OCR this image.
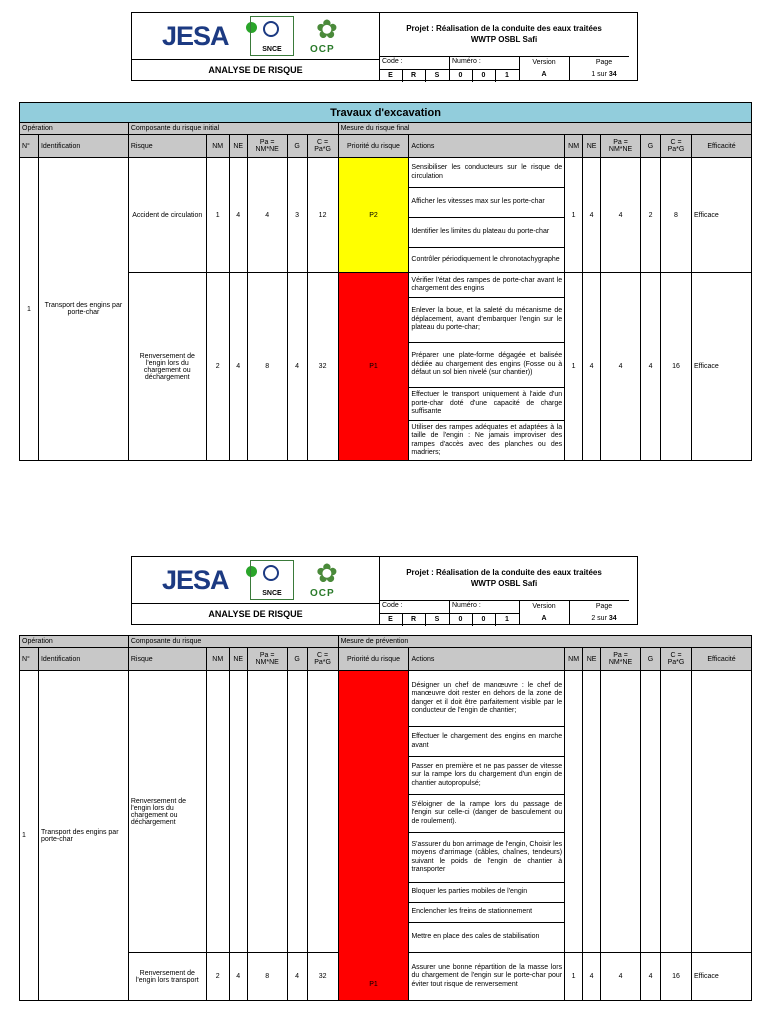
JESA	SNCE
✿
OCP
Projet : Réalisation de la conduite des eaux traitées
WWTP OSBL Safi
ANALYSE DE RISQUE
Code :
E	R	S
Numéro :
0	0	1
Version
A
Page
1 sur 34
Travaux d'excavation															
Opération		Composante du risque initial						Mesure du risque final							
N°	Identification	Risque	NM	NE	Pa = NM*NE	G	C = Pa*G	Priorité du risque	Actions	NM	NE	Pa = NM*NE	G	C = Pa*G	Efficacité
1	Transport des engins par porte-char	Accident de circulation	1	4	4	3	12	P2	Sensibiliser les conducteurs sur le risque de circulation	1	4	4	2	8	Efficace
									Afficher les vitesses max sur les porte-char						
									Identifier les limites du plateau du porte-char						
									Contrôler périodiquement le chronotachygraphe						
		Renversement de l'engin lors du chargement ou déchargement	2	4	8	4	32	P1	Vérifier l'état des rampes de porte-char avant le chargement des engins	1	4	4	4	16	Efficace
									Enlever la boue, et la saleté du mécanisme de déplacement, avant d'embarquer l'engin sur le plateau du porte-char;						
									Préparer une plate-forme dégagée et balisée dédiée au chargement des engins (Fosse ou à défaut un sol bien nivelé (sur chantier))						
									Effectuer le transport uniquement à l'aide d'un porte-char doté d'une capacité de charge suffisante						
									Utiliser des rampes adéquates et adaptées à la taille de l'engin : Ne jamais improviser des rampes d'accès avec des planches ou des madriers;						
JESA	SNCE
✿
OCP
Projet : Réalisation de la conduite des eaux traitées
WWTP OSBL Safi
ANALYSE DE RISQUE
Code :
E	R	S
Numéro :
0	0	1
Version
A
Page
2 sur 34
Opération		Composante du risque						Mesure de prévention							
N°	Identification	Risque	NM	NE	Pa = NM*NE	G	C = Pa*G	Priorité du risque	Actions	NM	NE	Pa = NM*NE	G	C = Pa*G	Efficacité
1	Transport des engins par porte-char	Renversement de l'engin lors du chargement ou déchargement						P1	Désigner un chef de manœuvre : le chef de manœuvre doit rester en dehors de la zone de danger et il doit être parfaitement visible par le conducteur de l'engin de chantier;						
									Effectuer le chargement des engins en marche avant						
									Passer en première et ne pas passer de vitesse sur la rampe lors du chargement d'un engin de chantier autopropulsé;						
									S'éloigner de la rampe lors du passage de l'engin sur celle-ci (danger de basculement ou de roulement).						
									S'assurer du bon arrimage de l'engin, Choisir les moyens d'arrimage (câbles, chaînes, tendeurs) suivant le poids de l'engin de chantier à transporter						
									Bloquer les parties mobiles de l'engin						
									Enclencher les freins de stationnement						
									Mettre en place des cales de stabilisation						
		Renversement de l'engin lors transport	2	4	8	4	32		Assurer une bonne répartition de la masse lors du chargement de l'engin sur le porte-char pour éviter tout risque de renversement	1	4	4	4	16	Efficace
